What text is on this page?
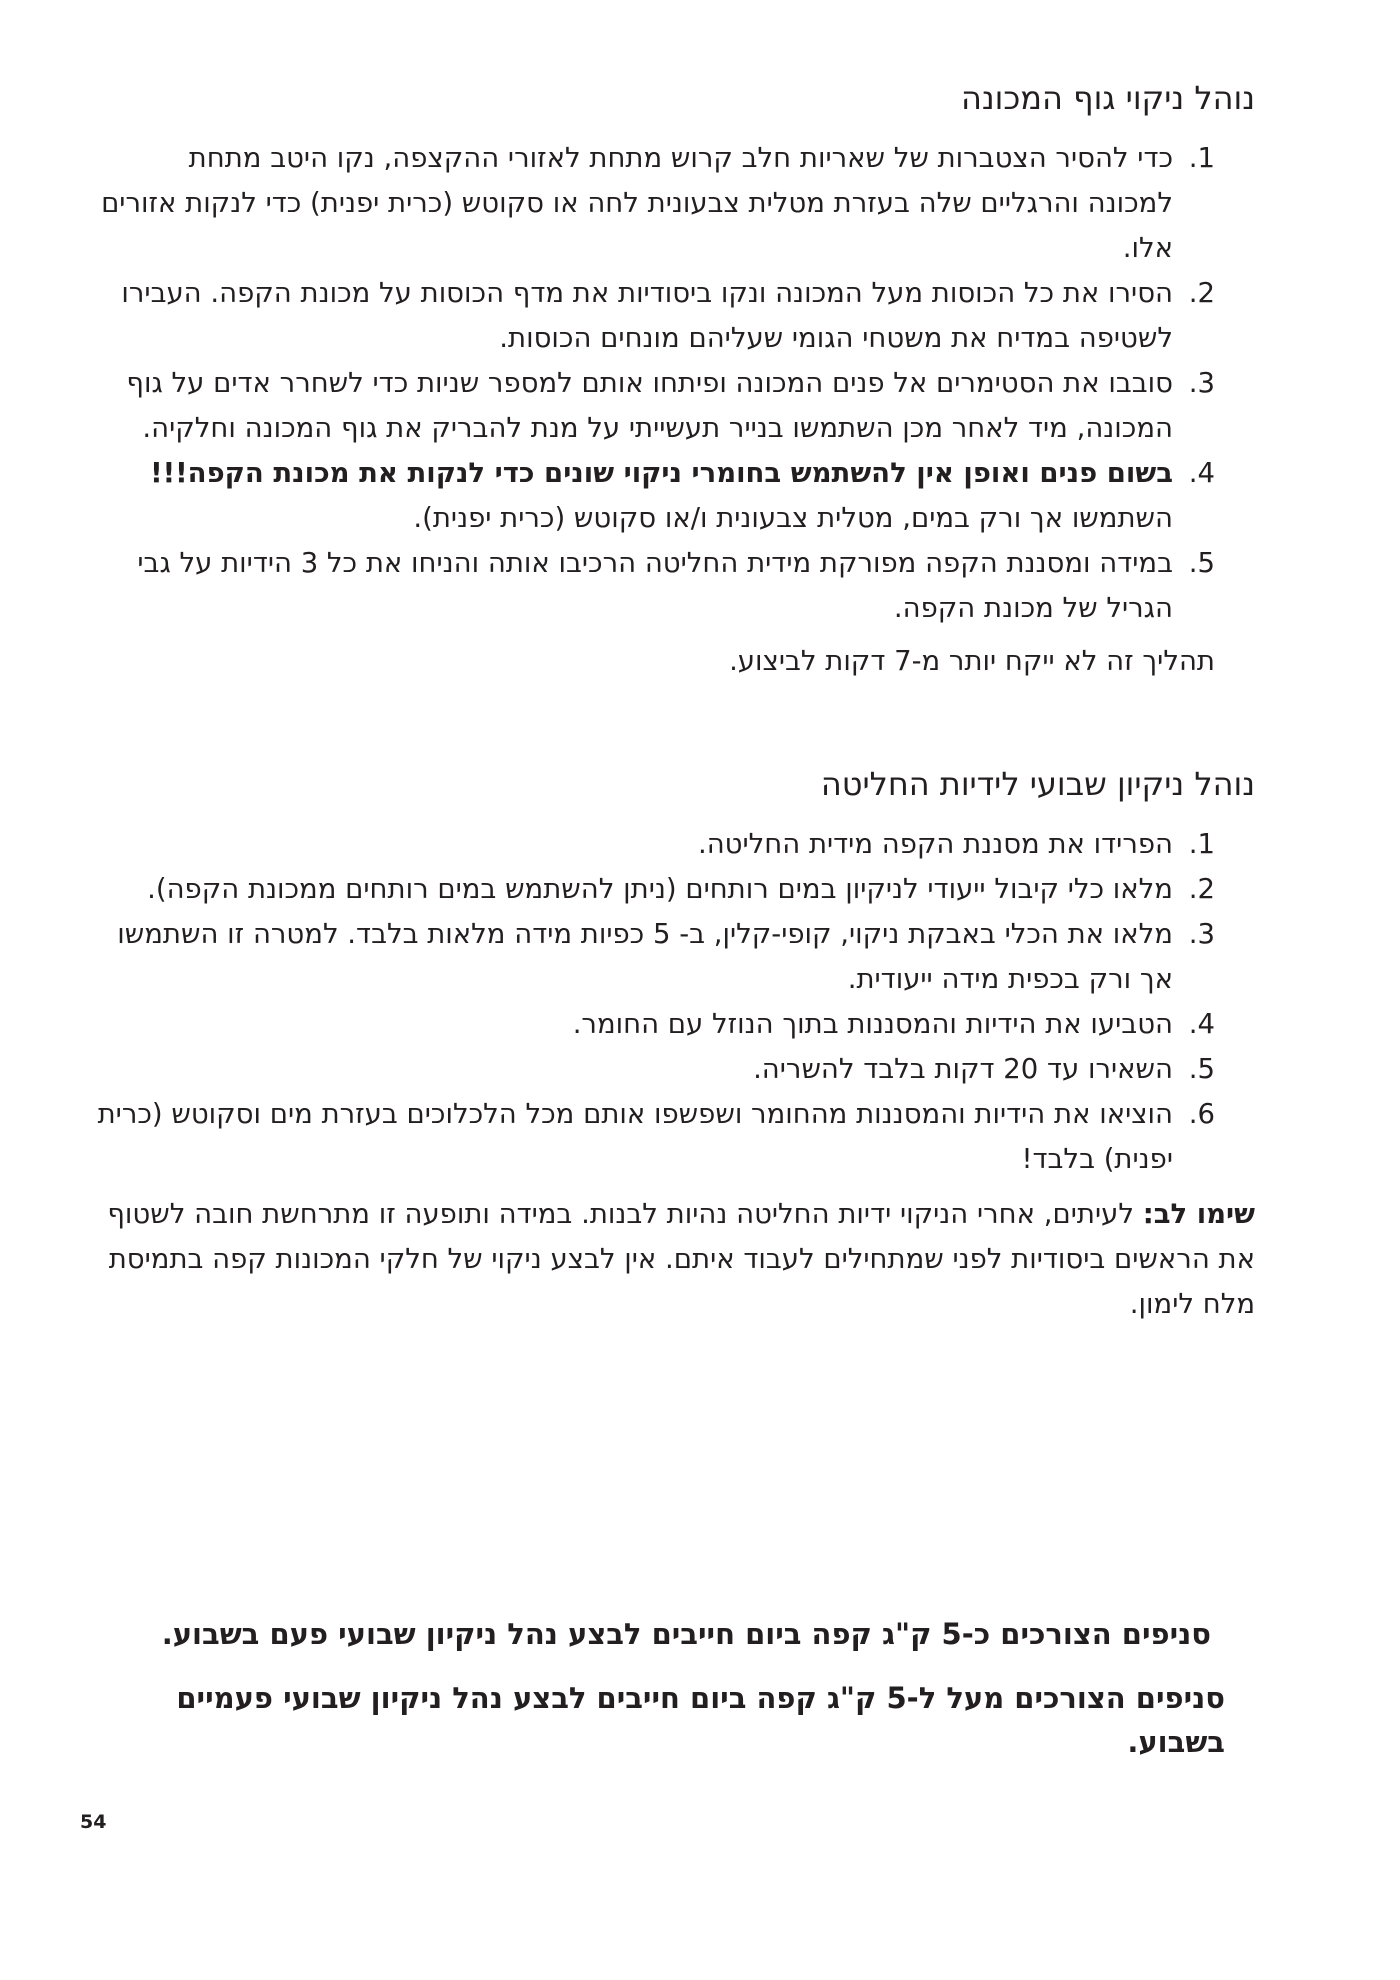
נוהל ניקוי גוף המכונה
1.
כדי להסיר הצטברות של שאריות חלב קרוש מתחת לאזורי ההקצפה, נקו היטב מתחת למכונה והרגליים שלה בעזרת מטלית צבעונית לחה או סקוטש (כרית יפנית) כדי לנקות אזורים אלו.
2.
הסירו את כל הכוסות מעל המכונה ונקו ביסודיות את מדף הכוסות על מכונת הקפה. העבירו לשטיפה במדיח את משטחי הגומי שעליהם מונחים הכוסות.
3.
סובבו את הסטימרים אל פנים המכונה ופיתחו אותם למספר שניות כדי לשחרר אדים על גוף המכונה, מיד לאחר מכן השתמשו בנייר תעשייתי על מנת להבריק את גוף המכונה וחלקיה.
4.
בשום פנים ואופן אין להשתמש בחומרי ניקוי שונים כדי לנקות את מכונת הקפה!!!
השתמשו אך ורק במים, מטלית צבעונית ו/או סקוטש (כרית יפנית).
5.
במידה ומסננת הקפה מפורקת מידית החליטה הרכיבו אותה והניחו את כל 3 הידיות על גבי הגריל של מכונת הקפה.

תהליך זה לא ייקח יותר מ-7 דקות לביצוע.

נוהל ניקיון שבועי לידיות החליטה
1.
הפרידו את מסננת הקפה מידית החליטה.
2.
מלאו כלי קיבול ייעודי לניקיון במים רותחים (ניתן להשתמש במים רותחים ממכונת הקפה).
3.
מלאו את הכלי באבקת ניקוי, קופי-קלין, ב- 5 כפיות מידה מלאות בלבד. למטרה זו השתמשו אך ורק בכפית מידה ייעודית.
4.
הטביעו את הידיות והמסננות בתוך הנוזל עם החומר.
5.
השאירו עד 20 דקות בלבד להשריה.
6.
הוציאו את הידיות והמסננות מהחומר ושפשפו אותם מכל הלכלוכים בעזרת מים וסקוטש (כרית יפנית) בלבד!

שימו לב: לעיתים, אחרי הניקוי ידיות החליטה נהיות לבנות. במידה ותופעה זו מתרחשת חובה לשטוף את הראשים ביסודיות לפני שמתחילים לעבוד איתם. אין לבצע ניקוי של חלקי המכונות קפה בתמיסת מלח לימון.

סניפים הצורכים כ-5 ק"ג קפה ביום חייבים לבצע נהל ניקיון שבועי פעם בשבוע.

סניפים הצורכים מעל ל-5 ק"ג קפה ביום חייבים לבצע נהל ניקיון שבועי פעמיים בשבוע.

54
